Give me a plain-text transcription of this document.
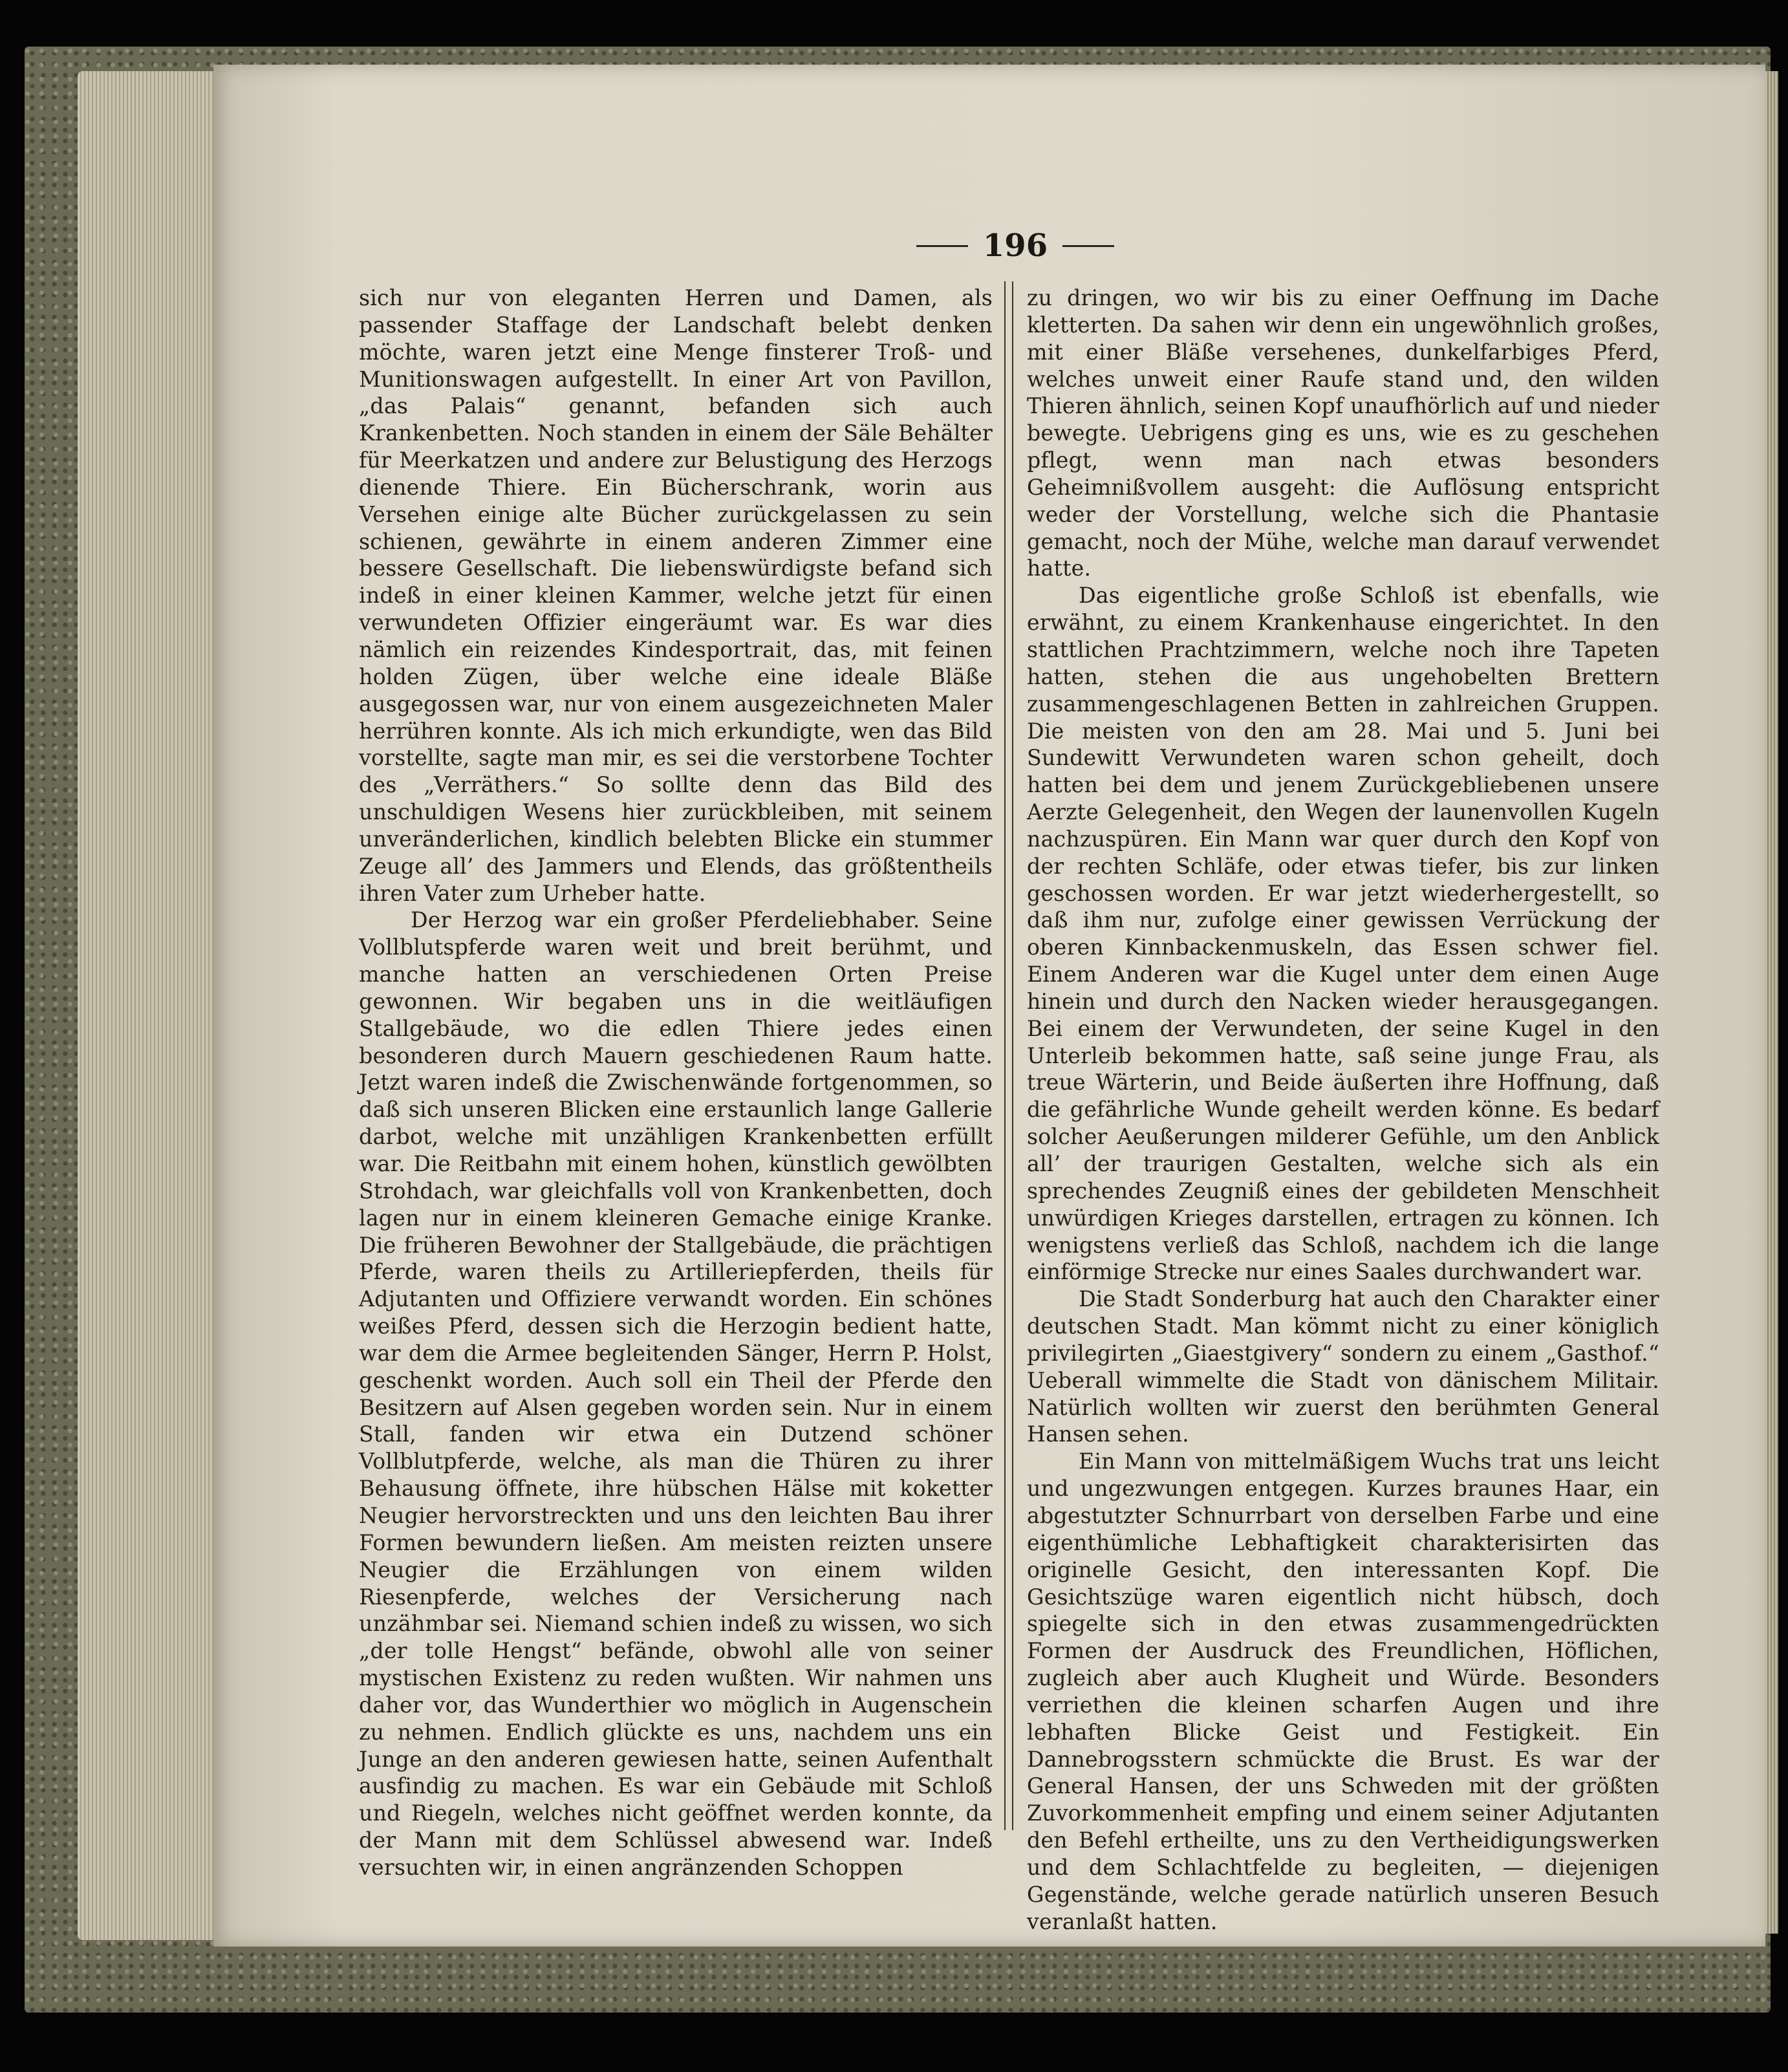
196

sich nur von eleganten Herren und Damen, als passender Staffage der Landschaft belebt denken möchte, waren jetzt eine Menge finsterer Troß- und Munitionswagen aufgestellt. In einer Art von Pavillon, „das Palais“ genannt, befanden sich auch Krankenbetten. Noch standen in einem der Säle Behälter für Meerkatzen und andere zur Belustigung des Herzogs dienende Thiere. Ein Bücherschrank, worin aus Versehen einige alte Bücher zurückgelassen zu sein schienen, gewährte in einem anderen Zimmer eine bessere Gesellschaft. Die liebenswürdigste befand sich indeß in einer kleinen Kammer, welche jetzt für einen verwundeten Offizier eingeräumt war. Es war dies nämlich ein reizendes Kindesportrait, das, mit feinen holden Zügen, über welche eine ideale Bläße ausgegossen war, nur von einem ausgezeichneten Maler herrühren konnte. Als ich mich erkundigte, wen das Bild vorstellte, sagte man mir, es sei die verstorbene Tochter des „Verräthers.“ So sollte denn das Bild des unschuldigen Wesens hier zurückbleiben, mit seinem unveränderlichen, kindlich belebten Blicke ein stummer Zeuge all’ des Jammers und Elends, das größtentheils ihren Vater zum Urheber hatte.

Der Herzog war ein großer Pferdeliebhaber. Seine Vollblutspferde waren weit und breit berühmt, und manche hatten an verschiedenen Orten Preise gewonnen. Wir begaben uns in die weitläufigen Stallgebäude, wo die edlen Thiere jedes einen besonderen durch Mauern geschiedenen Raum hatte. Jetzt waren indeß die Zwischenwände fortgenommen, so daß sich unseren Blicken eine erstaunlich lange Gallerie darbot, welche mit unzähligen Krankenbetten erfüllt war. Die Reitbahn mit einem hohen, künstlich gewölbten Strohdach, war gleichfalls voll von Krankenbetten, doch lagen nur in einem kleineren Gemache einige Kranke. Die früheren Bewohner der Stallgebäude, die prächtigen Pferde, waren theils zu Artilleriepferden, theils für Adjutanten und Offiziere verwandt worden. Ein schönes weißes Pferd, dessen sich die Herzogin bedient hatte, war dem die Armee begleitenden Sänger, Herrn P. Holst, geschenkt worden. Auch soll ein Theil der Pferde den Besitzern auf Alsen gegeben worden sein. Nur in einem Stall, fanden wir etwa ein Dutzend schöner Vollblutpferde, welche, als man die Thüren zu ihrer Behausung öffnete, ihre hübschen Hälse mit koketter Neugier hervorstreckten und uns den leichten Bau ihrer Formen bewundern ließen. Am meisten reizten unsere Neugier die Erzählungen von einem wilden Riesenpferde, welches der Versicherung nach unzähmbar sei. Niemand schien indeß zu wissen, wo sich „der tolle Hengst“ befände, obwohl alle von seiner mystischen Existenz zu reden wußten. Wir nahmen uns daher vor, das Wunderthier wo möglich in Augenschein zu nehmen. Endlich glückte es uns, nachdem uns ein Junge an den anderen gewiesen hatte, seinen Aufenthalt ausfindig zu machen. Es war ein Gebäude mit Schloß und Riegeln, welches nicht geöffnet werden konnte, da der Mann mit dem Schlüssel abwesend war. Indeß versuchten wir, in einen angränzenden Schoppen

zu dringen, wo wir bis zu einer Oeffnung im Dache kletterten. Da sahen wir denn ein ungewöhnlich großes, mit einer Bläße versehenes, dunkelfarbiges Pferd, welches unweit einer Raufe stand und, den wilden Thieren ähnlich, seinen Kopf unaufhörlich auf und nieder bewegte. Uebrigens ging es uns, wie es zu geschehen pflegt, wenn man nach etwas besonders Geheimnißvollem ausgeht: die Auflösung entspricht weder der Vorstellung, welche sich die Phantasie gemacht, noch der Mühe, welche man darauf verwendet hatte.

Das eigentliche große Schloß ist ebenfalls, wie erwähnt, zu einem Krankenhause eingerichtet. In den stattlichen Prachtzimmern, welche noch ihre Tapeten hatten, stehen die aus ungehobelten Brettern zusammengeschlagenen Betten in zahlreichen Gruppen. Die meisten von den am 28. Mai und 5. Juni bei Sundewitt Verwundeten waren schon geheilt, doch hatten bei dem und jenem Zurückgebliebenen unsere Aerzte Gelegenheit, den Wegen der launenvollen Kugeln nachzuspüren. Ein Mann war quer durch den Kopf von der rechten Schläfe, oder etwas tiefer, bis zur linken geschossen worden. Er war jetzt wiederhergestellt, so daß ihm nur, zufolge einer gewissen Verrückung der oberen Kinnbackenmuskeln, das Essen schwer fiel. Einem Anderen war die Kugel unter dem einen Auge hinein und durch den Nacken wieder herausgegangen. Bei einem der Verwundeten, der seine Kugel in den Unterleib bekommen hatte, saß seine junge Frau, als treue Wärterin, und Beide äußerten ihre Hoffnung, daß die gefährliche Wunde geheilt werden könne. Es bedarf solcher Aeußerungen milderer Gefühle, um den Anblick all’ der traurigen Gestalten, welche sich als ein sprechendes Zeugniß eines der gebildeten Menschheit unwürdigen Krieges darstellen, ertragen zu können. Ich wenigstens verließ das Schloß, nachdem ich die lange einförmige Strecke nur eines Saales durchwandert war.

Die Stadt Sonderburg hat auch den Charakter einer deutschen Stadt. Man kömmt nicht zu einer königlich privilegirten „Giaestgivery“ sondern zu einem „Gasthof.“ Ueberall wimmelte die Stadt von dänischem Militair. Natürlich wollten wir zuerst den berühmten General Hansen sehen.

Ein Mann von mittelmäßigem Wuchs trat uns leicht und ungezwungen entgegen. Kurzes braunes Haar, ein abgestutzter Schnurrbart von derselben Farbe und eine eigenthümliche Lebhaftigkeit charakterisirten das originelle Gesicht, den interessanten Kopf. Die Gesichtszüge waren eigentlich nicht hübsch, doch spiegelte sich in den etwas zusammengedrückten Formen der Ausdruck des Freundlichen, Höflichen, zugleich aber auch Klugheit und Würde. Besonders verriethen die kleinen scharfen Augen und ihre lebhaften Blicke Geist und Festigkeit. Ein Dannebrogsstern schmückte die Brust. Es war der General Hansen, der uns Schweden mit der größten Zuvorkommenheit empfing und einem seiner Adjutanten den Befehl ertheilte, uns zu den Vertheidigungswerken und dem Schlachtfelde zu begleiten, — diejenigen Gegenstände, welche gerade natürlich unseren Besuch veranlaßt hatten.
